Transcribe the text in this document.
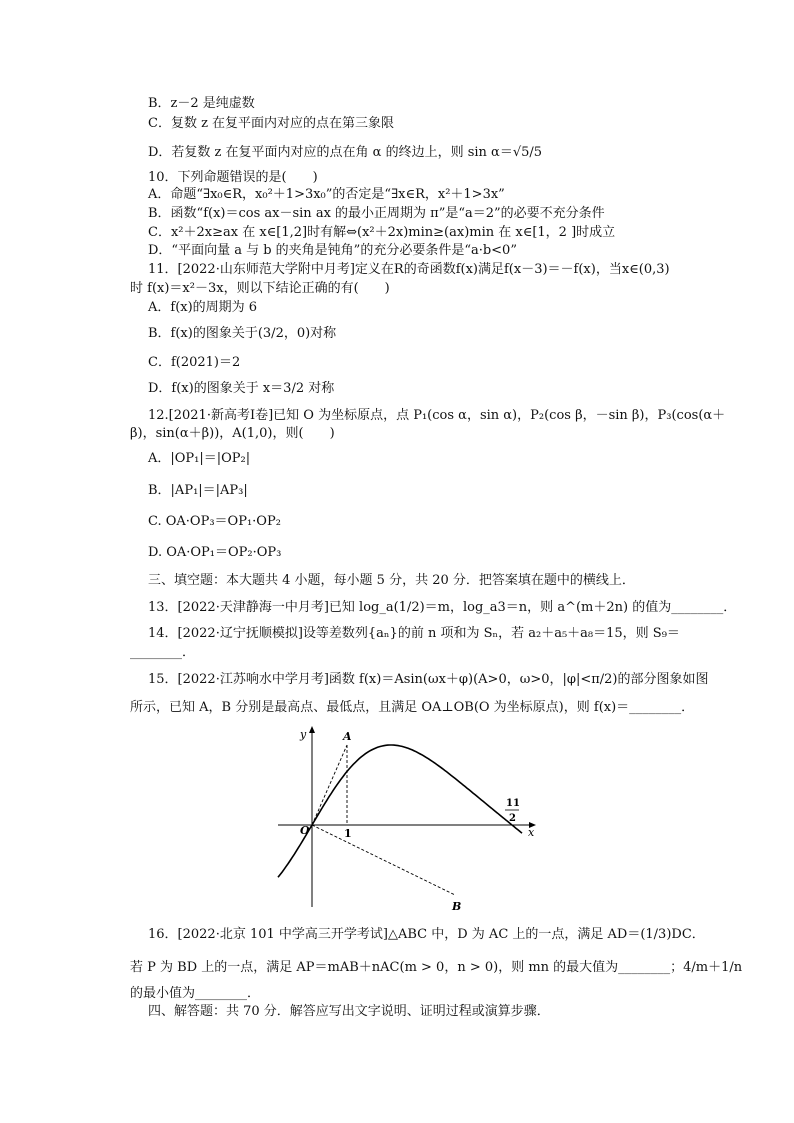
B．z－2 是纯虚数
C．复数 z 在复平面内对应的点在第三象限
D．若复数 z 在复平面内对应的点在角 α 的终边上，则 sin α＝√5/5
10．下列命题错误的是(　　)
A．命题“∃x₀∈R，x₀²＋1>3x₀”的否定是“∃x∈R，x²＋1>3x”
B．函数“f(x)＝cos ax－sin ax 的最小正周期为 π”是“a＝2”的必要不充分条件
C．x²＋2x≥ax 在 x∈[1,2]时有解⇔(x²＋2x)min≥(ax)min 在 x∈[1，2 ]时成立
D．“平面向量 a 与 b 的夹角是钝角”的充分必要条件是“a·b<0”
11．[2022·山东师范大学附中月考]定义在R的奇函数f(x)满足f(x－3)＝－f(x)，当x∈(0,3)
时 f(x)＝x²－3x，则以下结论正确的有(　　)
A．f(x)的周期为 6
B．f(x)的图象关于(3/2，0)对称
C．f(2021)＝2
D．f(x)的图象关于 x＝3/2 对称
12.[2021·新高考Ⅰ卷]已知 O 为坐标原点，点 P₁(cos α，sin α)，P₂(cos β，－sin β)，P₃(cos(α＋
β)，sin(α＋β))，A(1,0)，则(　　)
A．|OP₁|＝|OP₂|
B．|AP₁|＝|AP₃|
C. OA·OP₃＝OP₁·OP₂
D. OA·OP₁＝OP₂·OP₃
三、填空题：本大题共 4 小题，每小题 5 分，共 20 分．把答案填在题中的横线上．
13．[2022·天津静海一中月考]已知 log_a(1/2)＝m，log_a3＝n，则 a^(m＋2n) 的值为________．
14．[2022·辽宁抚顺模拟]设等差数列{aₙ}的前 n 项和为 Sₙ，若 a₂＋a₅＋a₈＝15，则 S₉＝
________．
15．[2022·江苏响水中学月考]函数 f(x)＝Asin(ωx＋φ)(A>0，ω>0，|φ|<π/2)的部分图象如图
所示，已知 A，B 分别是最高点、最低点，且满足 OA⊥OB(O 为坐标原点)，则 f(x)＝________．
y
x
O
A
B
1
11
2
16．[2022·北京 101 中学高三开学考试]△ABC 中，D 为 AC 上的一点，满足 AD＝(1/3)DC．
若 P 为 BD 上的一点，满足 AP＝mAB＋nAC(m > 0，n > 0)，则 mn 的最大值为________；4/m＋1/n
的最小值为________．
四、解答题：共 70 分．解答应写出文字说明、证明过程或演算步骤．
